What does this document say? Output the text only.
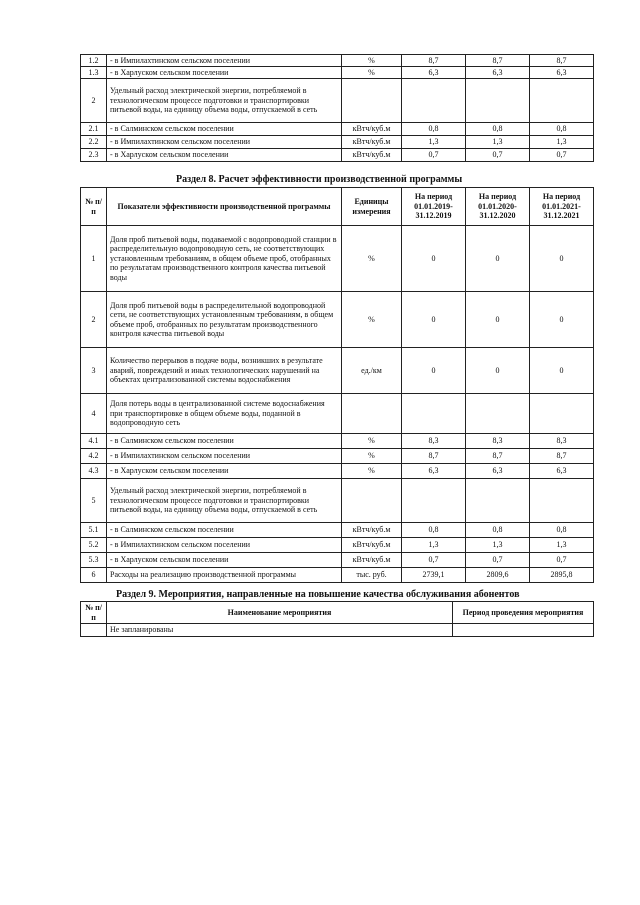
1.2	- в Импилахтинском сельском поселении	%	8,7	8,7	8,7
1.3	- в Харлуском сельском поселении	%	6,3	6,3	6,3
2	Удельный расход электрической энергии, потребляемой в технологическом процессе подготовки и транспортировки питьевой воды, на единицу объема воды, отпускаемой в сеть				
2.1	- в Салминском сельском поселении	кВтч/куб.м	0,8	0,8	0,8
2.2	- в Импилахтинском сельском поселении	кВтч/куб.м	1,3	1,3	1,3
2.3	- в Харлуском сельском поселении	кВтч/куб.м	0,7	0,7	0,7
Раздел 8. Расчет эффективности производственной программы
№ п/п	Показатели эффективности производственной программы	Единицы измерения	На период 01.01.2019-31.12.2019	На период 01.01.2020-31.12.2020	На период 01.01.2021-31.12.2021
1	Доля проб питьевой воды, подаваемой с водопроводной станции в распределительную водопроводную сеть, не соответствующих установленным требованиям, в общем объеме проб, отобранных по результатам производственного контроля качества питьевой воды	%	0	0	0
2	Доля проб питьевой воды в распределительной водопроводной сети, не соответствующих установленным требованиям, в общем объеме проб, отобранных по результатам производственного контроля качества питьевой воды	%	0	0	0
3	Количество перерывов в подаче воды, возникших в результате аварий, повреждений и иных технологических нарушений на объектах централизованной системы водоснабжения	ед./км	0	0	0
4	Доля потерь воды в централизованной системе водоснабжения при транспортировке в общем объеме воды, поданной в водопроводную сеть				
4.1	- в Салминском сельском поселении	%	8,3	8,3	8,3
4.2	- в Импилахтинском сельском поселении	%	8,7	8,7	8,7
4.3	- в Харлуском сельском поселении	%	6,3	6,3	6,3
5	Удельный расход электрической энергии, потребляемой в технологическом процессе подготовки и транспортировки питьевой воды, на единицу объема воды, отпускаемой в сеть				
5.1	- в Салминском сельском поселении	кВтч/куб.м	0,8	0,8	0,8
5.2	- в Импилахтинском сельском поселении	кВтч/куб.м	1,3	1,3	1,3
5.3	- в Харлуском сельском поселении	кВтч/куб.м	0,7	0,7	0,7
6	Расходы на реализацию производственной программы	тыс. руб.	2739,1	2809,6	2895,8
Раздел 9. Мероприятия, направленные на повышение качества обслуживания абонентов
№ п/п	Наименование мероприятия	Период проведения мероприятия
	Не запланированы	
